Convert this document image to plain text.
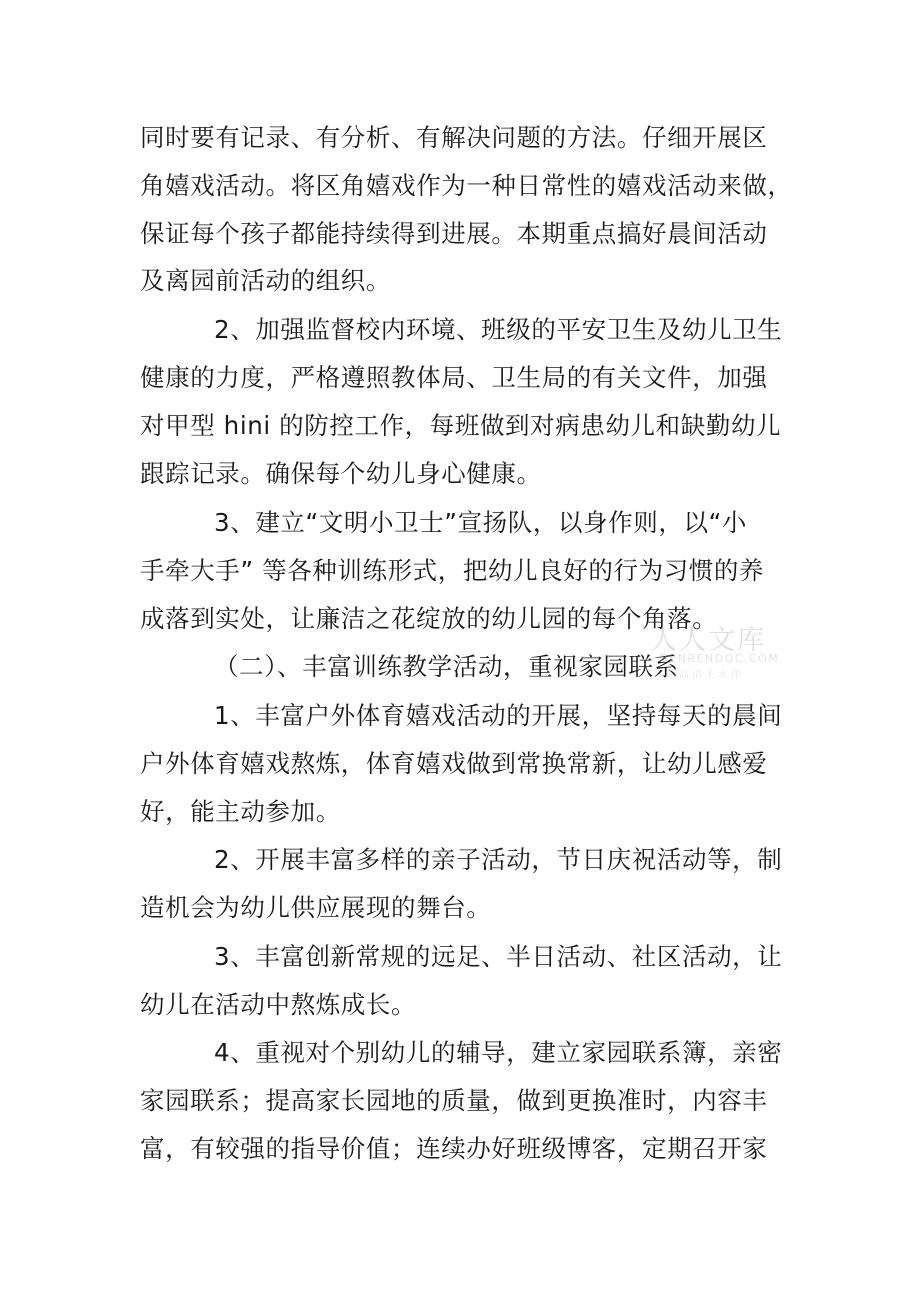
同时要有记录、有分析、有解决问题的方法。仔细开展区
角嬉戏活动。将区角嬉戏作为一种日常性的嬉戏活动来做，
保证每个孩子都能持续得到进展。本期重点搞好晨间活动
及离园前活动的组织。
2、加强监督校内环境、班级的平安卫生及幼儿卫生
健康的力度，严格遵照教体局、卫生局的有关文件，加强
对甲型 hini 的防控工作，每班做到对病患幼儿和缺勤幼儿
跟踪记录。确保每个幼儿身心健康。
3、建立“文明小卫士”宣扬队，以身作则，以“小
手牵大手” 等各种训练形式，把幼儿良好的行为习惯的养
成落到实处，让廉洁之花绽放的幼儿园的每个角落。
（二）、丰富训练教学活动，重视家园联系
1、丰富户外体育嬉戏活动的开展，坚持每天的晨间
户外体育嬉戏熬炼，体育嬉戏做到常换常新，让幼儿感爱
好，能主动参加。
2、开展丰富多样的亲子活动，节日庆祝活动等，制
造机会为幼儿供应展现的舞台。
3、丰富创新常规的远足、半日活动、社区活动，让
幼儿在活动中熬炼成长。
4、重视对个别幼儿的辅导，建立家园联系簿，亲密
家园联系；提高家长园地的质量，做到更换准时，内容丰
富，有较强的指导价值；连续办好班级博客，定期召开家
人人文库
RENRENDOC.COM
超高清无水印
